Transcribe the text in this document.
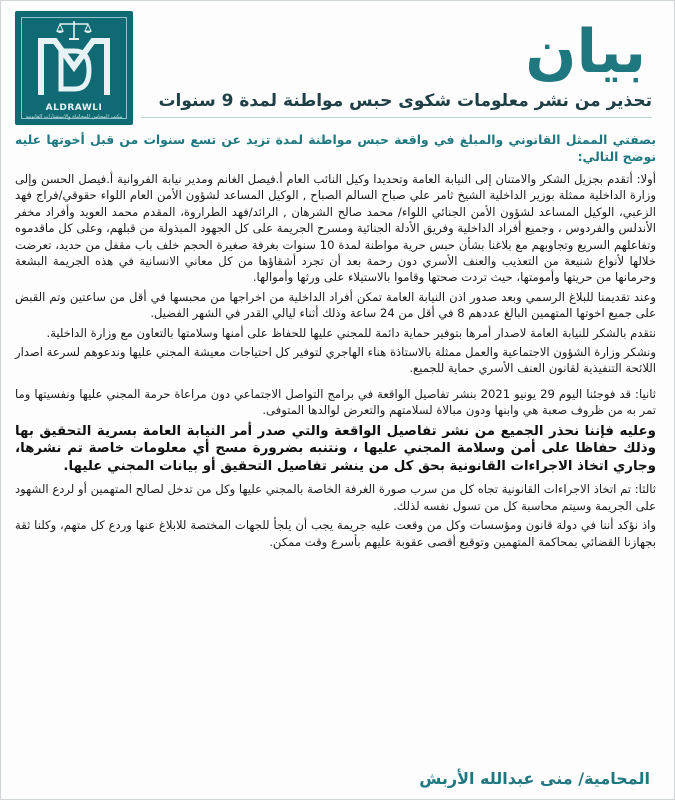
ALDRAWLI
مكتب المحامي للمحاماة والاستشارات القانونية
بيان
تحذير من نشر معلومات شكوى حبس مواطنة لمدة 9 سنوات

بصفتي الممثل القانوني والمبلغ في واقعة حبس مواطنة لمدة تزيد عن تسع سنوات من قبل أخوتها عليه نوضح التالي:

أولا: أتقدم بجزيل الشكر والامتنان إلى النيابة العامة وتحديدا وكيل النائب العام أ.فيصل الغانم ومدير نيابة الفروانية أ.فيصل الحسن وإلى وزارة الداخلية ممثلة بوزير الداخلية الشيخ ثامر علي صباح السالم الصباح , الوكيل المساعد لشؤون الأمن العام اللواء حقوقي/فراج فهد الزعبي، الوكيل المساعد لشؤون الأمن الجنائي اللواء/ محمد صالح الشرهان , الرائد/فهد الطراروة، المقدم محمد العويد وأفراد مخفر الأندلس والفردوس ، وجميع أفراد الداخلية وفريق الأدلة الجنائية ومسرح الجريمة على كل الجهود المبذولة من قبلهم، وعلى كل ماقدموه وتفاعلهم السريع وتجاوبهم مع بلاغنا بشأن حبس حرية مواطنة لمدة 10 سنوات بغرفة صغيرة الحجم خلف باب مقفل من حديد، تعرضت خلالها لأنواع شنيعة من التعذيب والعنف الأسري دون رحمة بعد أن تجرد أشقاؤها من كل معاني الانسانية في هذه الجريمة البشعة وحرمانها من حريتها وأمومتها، حيث تردت صحتها وقاموا بالاستيلاء على ورثها وأموالها.

وعند تقديمنا للبلاغ الرسمي وبعد صدور اذن النيابة العامة تمكن أفراد الداخلية من اخراجها من محبسها في أقل من ساعتين وتم القبض على جميع اخوتها المتهمين البالغ عددهم 8 في أقل من 24 ساعة وذلك أثناء ليالي القدر في الشهر الفضيل.

نتقدم بالشكر للنيابة العامة لاصدار أمرها بتوفير حماية دائمة للمجني عليها للحفاظ على أمنها وسلامتها بالتعاون مع وزارة الداخلية.

ونشكر وزارة الشؤون الاجتماعية والعمل ممثلة بالاستاذة هناء الهاجري لتوفير كل احتياجات معيشة المجني عليها وندعوهم لسرعة اصدار اللائحة التنفيذية لقانون العنف الأسري حماية للجميع.

ثانيا: قد فوجئنا اليوم 29 يونيو 2021 بنشر تفاصيل الواقعة في برامج التواصل الاجتماعي دون مراعاة حرمة المجني عليها ونفسيتها وما تمر به من ظروف صعبة هي وابنها ودون مبالاة لسلامتهم والتعرض لوالدها المتوفى.

وعليه فإننا نحذر الجميع من نشر تفاصيل الواقعة والتي صدر أمر النيابة العامة بسرية التحقيق بها وذلك حفاظا على أمن وسلامة المجني عليها ، ونتنبه بضرورة مسح أي معلومات خاصة تم نشرها، وجاري اتخاذ الاجراءات القانونية بحق كل من ينشر تفاصيل التحقيق أو بيانات المجني عليها.

ثالثا: تم اتخاذ الاجراءات القانونية تجاه كل من سرب صورة الغرفة الخاصة بالمجني عليها وكل من تدخل لصالح المتهمين أو لردع الشهود على الجريمة وسيتم محاسبة كل من تسول نفسه لذلك.

واذ نؤكد أننا في دولة قانون ومؤسسات وكل من وقعت عليه جريمة يجب أن يلجأ للجهات المختصة للابلاغ عنها وردع كل متهم، وكلنا ثقة بجهازنا القضائي بمحاكمة المتهمين وتوقيع أقصى عقوبة عليهم بأسرع وقت ممكن.

المحامية/ منى عبدالله الأربش
